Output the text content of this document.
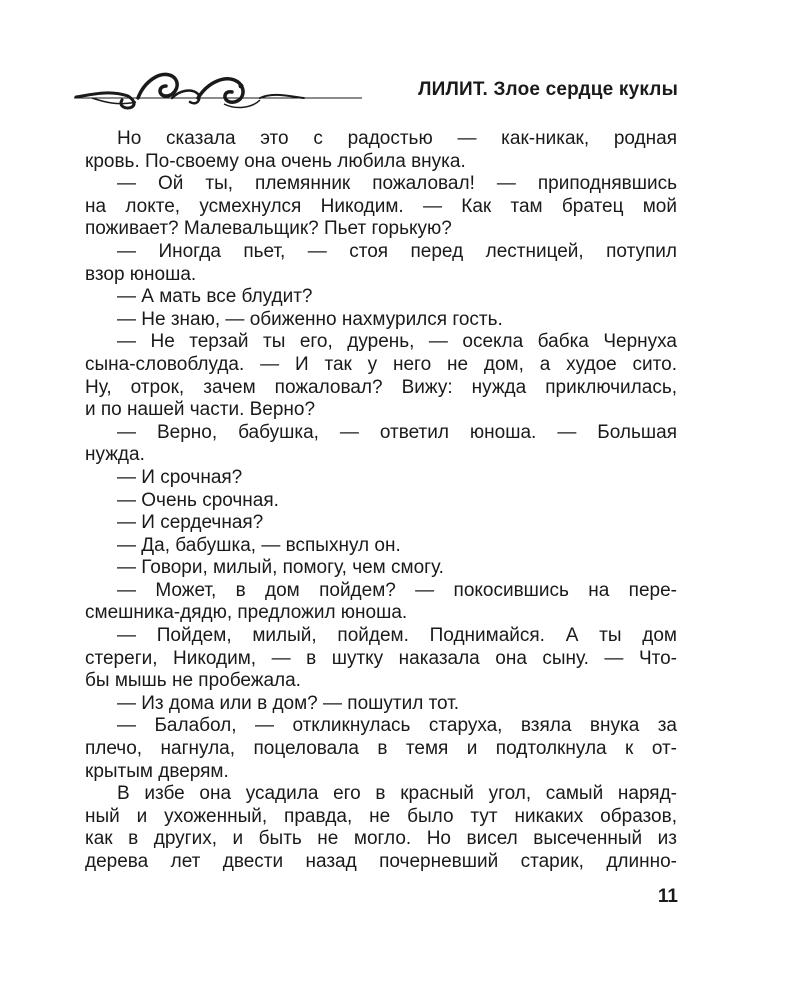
ЛИЛИТ. Злое сердце куклы
Но сказала это с радостью — как-никак, родная
кровь. По-своему она очень любила внука.
— Ой ты, племянник пожаловал! — приподнявшись
на локте, усмехнулся Никодим. — Как там братец мой
поживает? Малевальщик? Пьет горькую?
— Иногда пьет, — стоя перед лестницей, потупил
взор юноша.
— А мать все блудит?
— Не знаю, — обиженно нахмурился гость.
— Не терзай ты его, дурень, — осекла бабка Чернуха
сына-словоблуда. — И так у него не дом, а худое сито.
Ну, отрок, зачем пожаловал? Вижу: нужда приключилась,
и по нашей части. Верно?
— Верно, бабушка, — ответил юноша. — Большая
нужда.
— И срочная?
— Очень срочная.
— И сердечная?
— Да, бабушка, — вспыхнул он.
— Говори, милый, помогу, чем смогу.
— Может, в дом пойдем? — покосившись на пере-
смешника-дядю, предложил юноша.
— Пойдем, милый, пойдем. Поднимайся. А ты дом
стереги, Никодим, — в шутку наказала она сыну. — Что-
бы мышь не пробежала.
— Из дома или в дом? — пошутил тот.
— Балабол, — откликнулась старуха, взяла внука за
плечо, нагнула, поцеловала в темя и подтолкнула к от-
крытым дверям.
В избе она усадила его в красный угол, самый наряд-
ный и ухоженный, правда, не было тут никаких образов,
как в других, и быть не могло. Но висел высеченный из
дерева лет двести назад почерневший старик, длинно-
11
